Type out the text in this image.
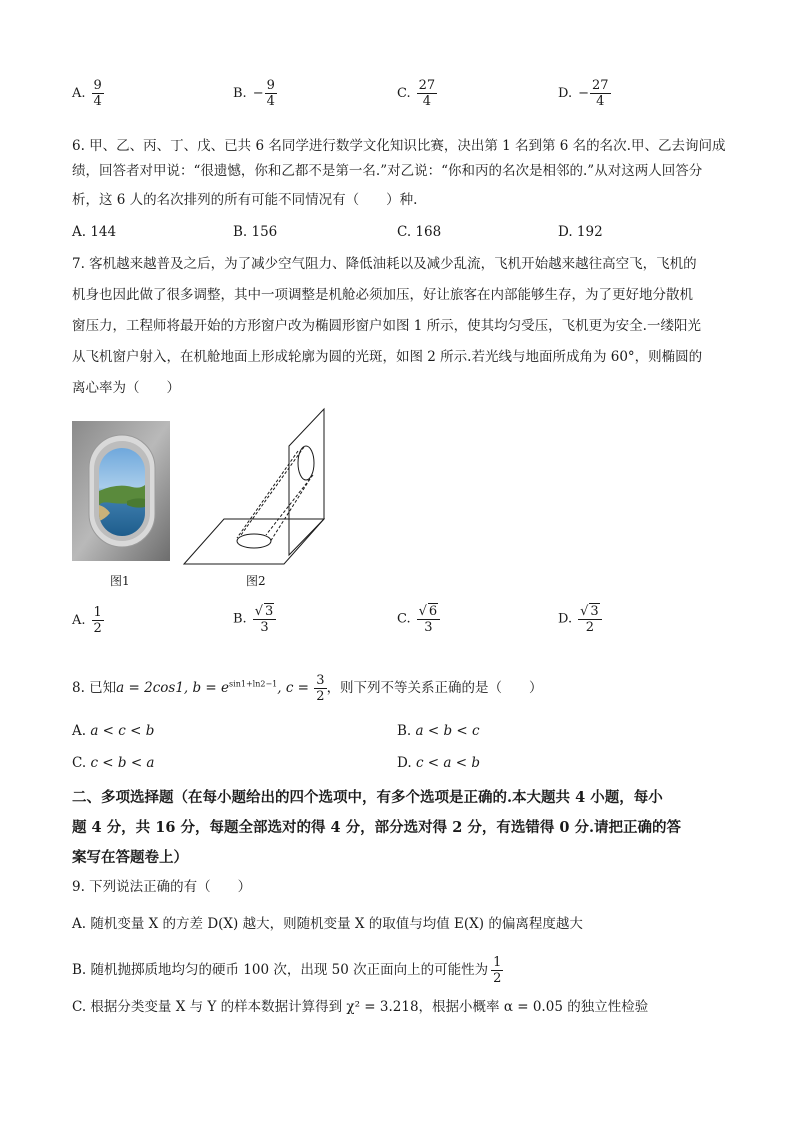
A. $\frac{9}{4}$	B. − $\frac{9}{4}$	C. $\frac{27}{4}$	D. − $\frac{27}{4}$
6. 甲、乙、丙、丁、戊、已共 6 名同学进行数学文化知识比赛，决出第 1 名到第 6 名的名次.甲、乙去询问成
绩，回答者对甲说：“很遗憾，你和乙都不是第一名.”对乙说：“你和丙的名次是相邻的.”从对这两人回答分
析，这 6 人的名次排列的所有可能不同情况有（　　）种.
A. 144	B. 156	C. 168	D. 192
7. 客机越来越普及之后，为了减少空气阻力、降低油耗以及减少乱流，飞机开始越来越往高空飞，飞机的
机身也因此做了很多调整，其中一项调整是机舱必须加压，好让旅客在内部能够生存，为了更好地分散机
窗压力，工程师将最开始的方形窗户改为椭圆形窗户如图 1 所示，使其均匀受压，飞机更为安全.一缕阳光
从飞机窗户射入，在机舱地面上形成轮廓为圆的光斑，如图 2 所示.若光线与地面所成角为 60°，则椭圆的
离心率为（　　）
图1	图2
A. $\frac{1}{2}$	B. $\frac{√ 3}{3}$	C. $\frac{√ 6}{3}$	D. $\frac{√ 3}{2}$
8. 已知a = 2cos1, $b = e^{sin1+ln2-1}$, $c = \frac{3}{2}$ ，则下列不等关系正确的是（　　）
A. a < c < b	B. a < b < c
C. c < b < a	D. c < a < b
二、多项选择题（在每小题给出的四个选项中，有多个选项是正确的.本大题共 4 小题，每小
题 4 分，共 16 分，每题全部选对的得 4 分，部分选对得 2 分，有选错得 0 分.请把正确的答
案写在答题卷上）
9. 下列说法正确的有（　　）
A. 随机变量 X 的方差 D(X) 越大，则随机变量 X 的取值与均值 E(X) 的偏离程度越大
B. 随机抛掷质地均匀的硬币 100 次，出现 50 次正面向上的可能性为 $\frac{1}{2}$
C. 根据分类变量 X 与 Y 的样本数据计算得到 χ² = 3.218，根据小概率 α = 0.05 的独立性检验
